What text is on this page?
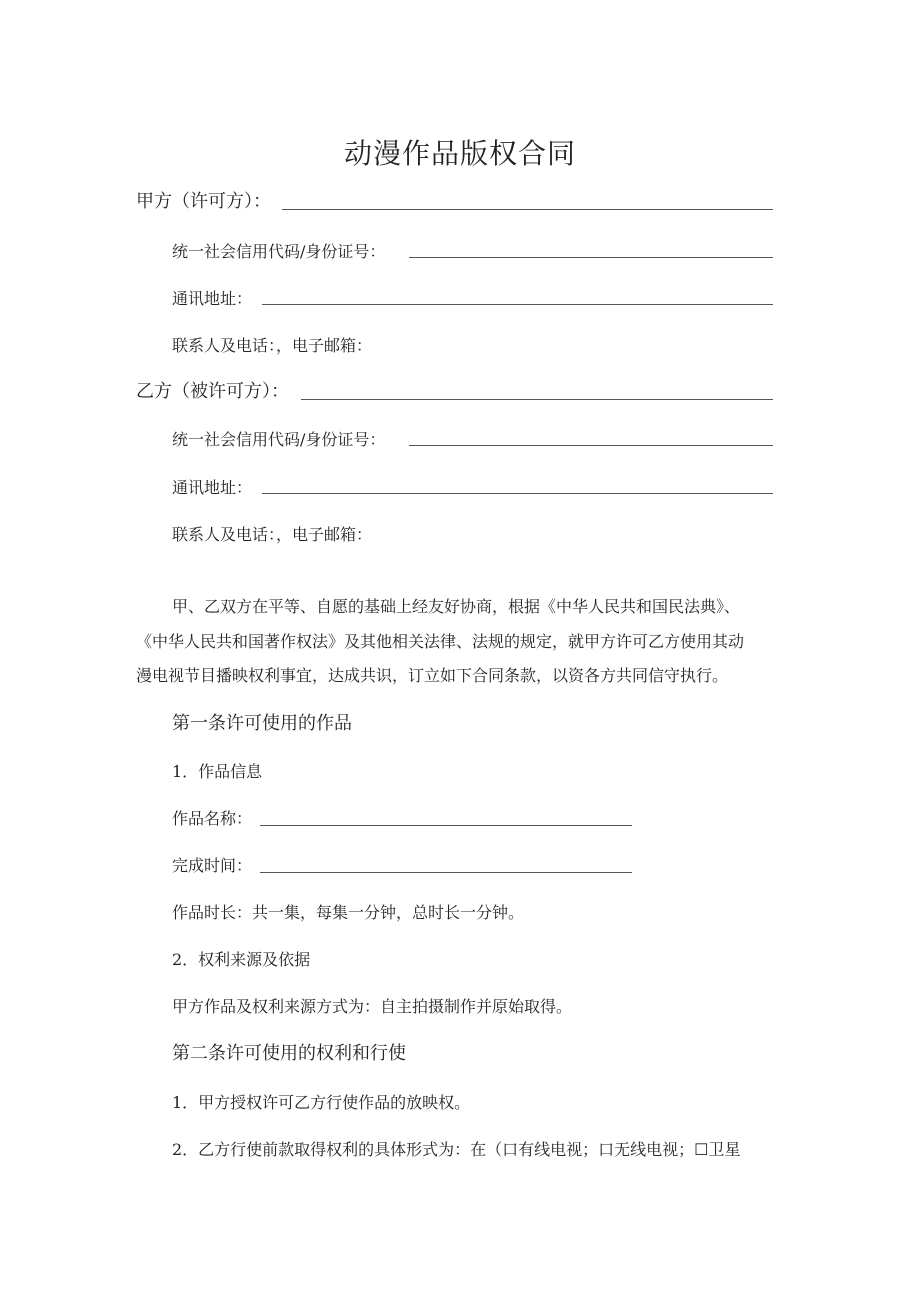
动漫作品版权合同
甲方（许可方）：
统一社会信用代码/身份证号：
通讯地址：
联系人及电话：，电子邮箱：
乙方（被许可方）：
统一社会信用代码/身份证号：
通讯地址：
联系人及电话：，电子邮箱：
甲、乙双方在平等、自愿的基础上经友好协商，根据《中华人民共和国民法典》、
《中华人民共和国著作权法》及其他相关法律、法规的规定，就甲方许可乙方使用其动
漫电视节目播映权利事宜，达成共识，订立如下合同条款，以资各方共同信守执行。
第一条许可使用的作品
1．作品信息
作品名称：
完成时间：
作品时长：共一集，每集一分钟，总时长一分钟。
2．权利来源及依据
甲方作品及权利来源方式为：自主拍摄制作并原始取得。
第二条许可使用的权利和行使
1．甲方授权许可乙方行使作品的放映权。
2．乙方行使前款取得权利的具体形式为：在（口有线电视；口无线电视；☐卫星
